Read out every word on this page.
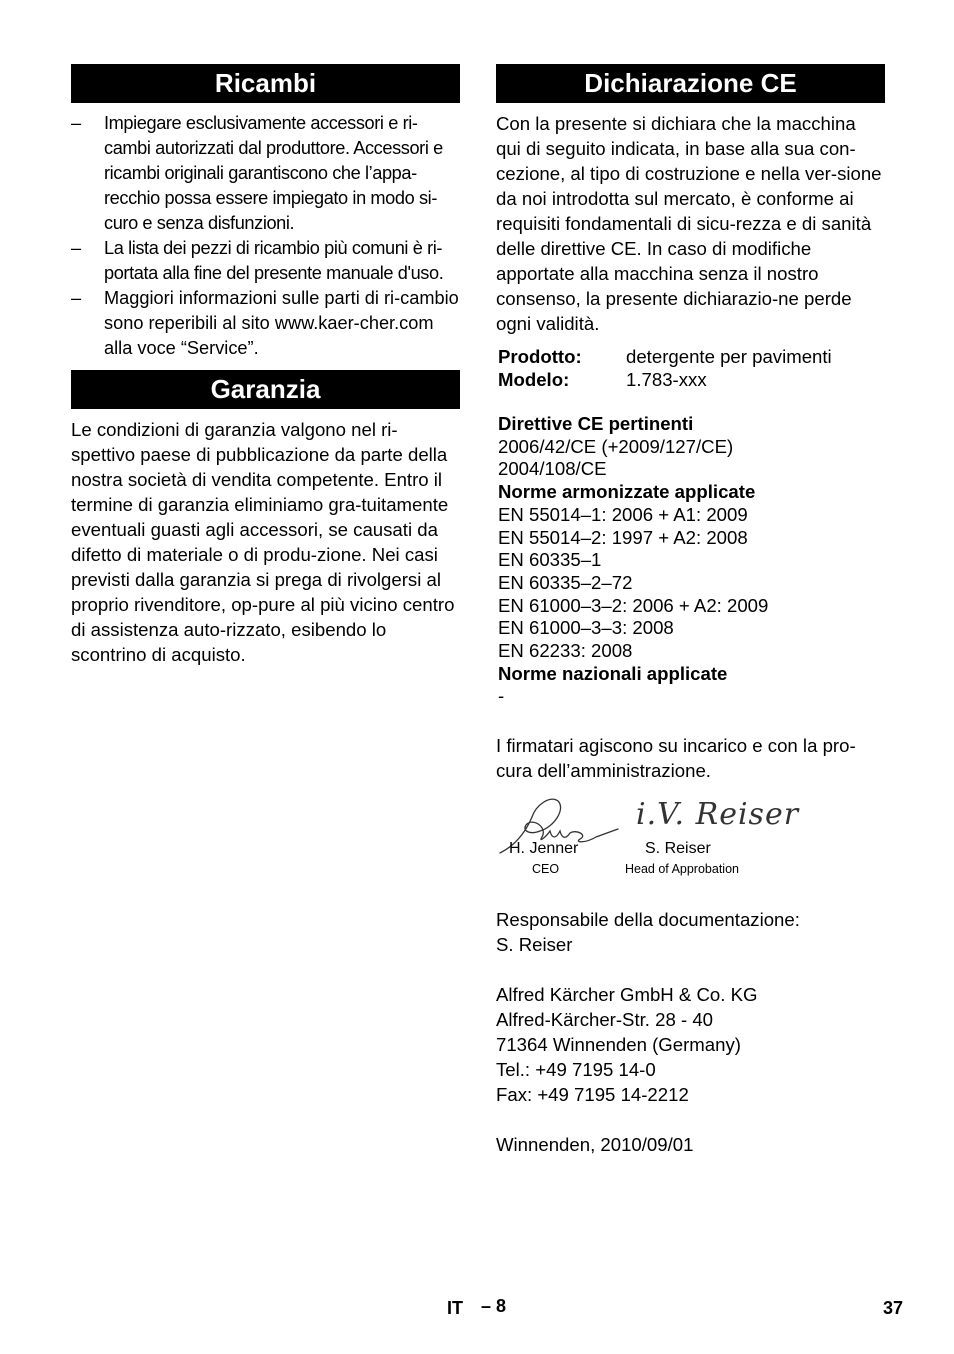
Ricambi
– Impiegare esclusivamente accessori e ri-cambi autorizzati dal produttore. Accessori e ricambi originali garantiscono che l’appa-recchio possa essere impiegato in modo si-curo e senza disfunzioni.
– La lista dei pezzi di ricambio più comuni è ri-portata alla fine del presente manuale d'uso.
– Maggiori informazioni sulle parti di ri-cambio sono reperibili al sito www.kaer-cher.com alla voce “Service”.
Garanzia
Le condizioni di garanzia valgono nel ri-spettivo paese di pubblicazione da parte della nostra società di vendita competente. Entro il termine di garanzia eliminiamo gra-tuitamente eventuali guasti agli accessori, se causati da difetto di materiale o di produ-zione. Nei casi previsti dalla garanzia si prega di rivolgersi al proprio rivenditore, op-pure al più vicino centro di assistenza auto-rizzato, esibendo lo scontrino di acquisto.
Dichiarazione CE
Con la presente si dichiara che la macchina qui di seguito indicata, in base alla sua con-cezione, al tipo di costruzione e nella ver-sione da noi introdotta sul mercato, è conforme ai requisiti fondamentali di sicu-rezza e di sanità delle direttive CE. In caso di modifiche apportate alla macchina senza il nostro consenso, la presente dichiarazio-ne perde ogni validità.
Prodotto: detergente per pavimenti
Modelo:	1.783-xxx
Direttive CE pertinenti
2006/42/CE (+2009/127/CE)
2004/108/CE
Norme armonizzate applicate
EN 55014–1: 2006 + A1: 2009
EN 55014–2: 1997 + A2: 2008
EN 60335–1
EN 60335–2–72
EN 61000–3–2: 2006 + A2: 2009
EN 61000–3–3: 2008
EN 62233: 2008
Norme nazionali applicate
-
I firmatari agiscono su incarico e con la pro-cura dell’amministrazione.
i.V. Reiser
H. Jenner
CEO
S. Reiser
Head of Approbation
Responsabile della documentazione:
S. Reiser
Alfred Kärcher GmbH & Co. KG
Alfred-Kärcher-Str. 28 - 40
71364 Winnenden (Germany)
Tel.: +49 7195 14-0
Fax: +49 7195 14-2212
Winnenden, 2010/09/01
IT – 8	37
